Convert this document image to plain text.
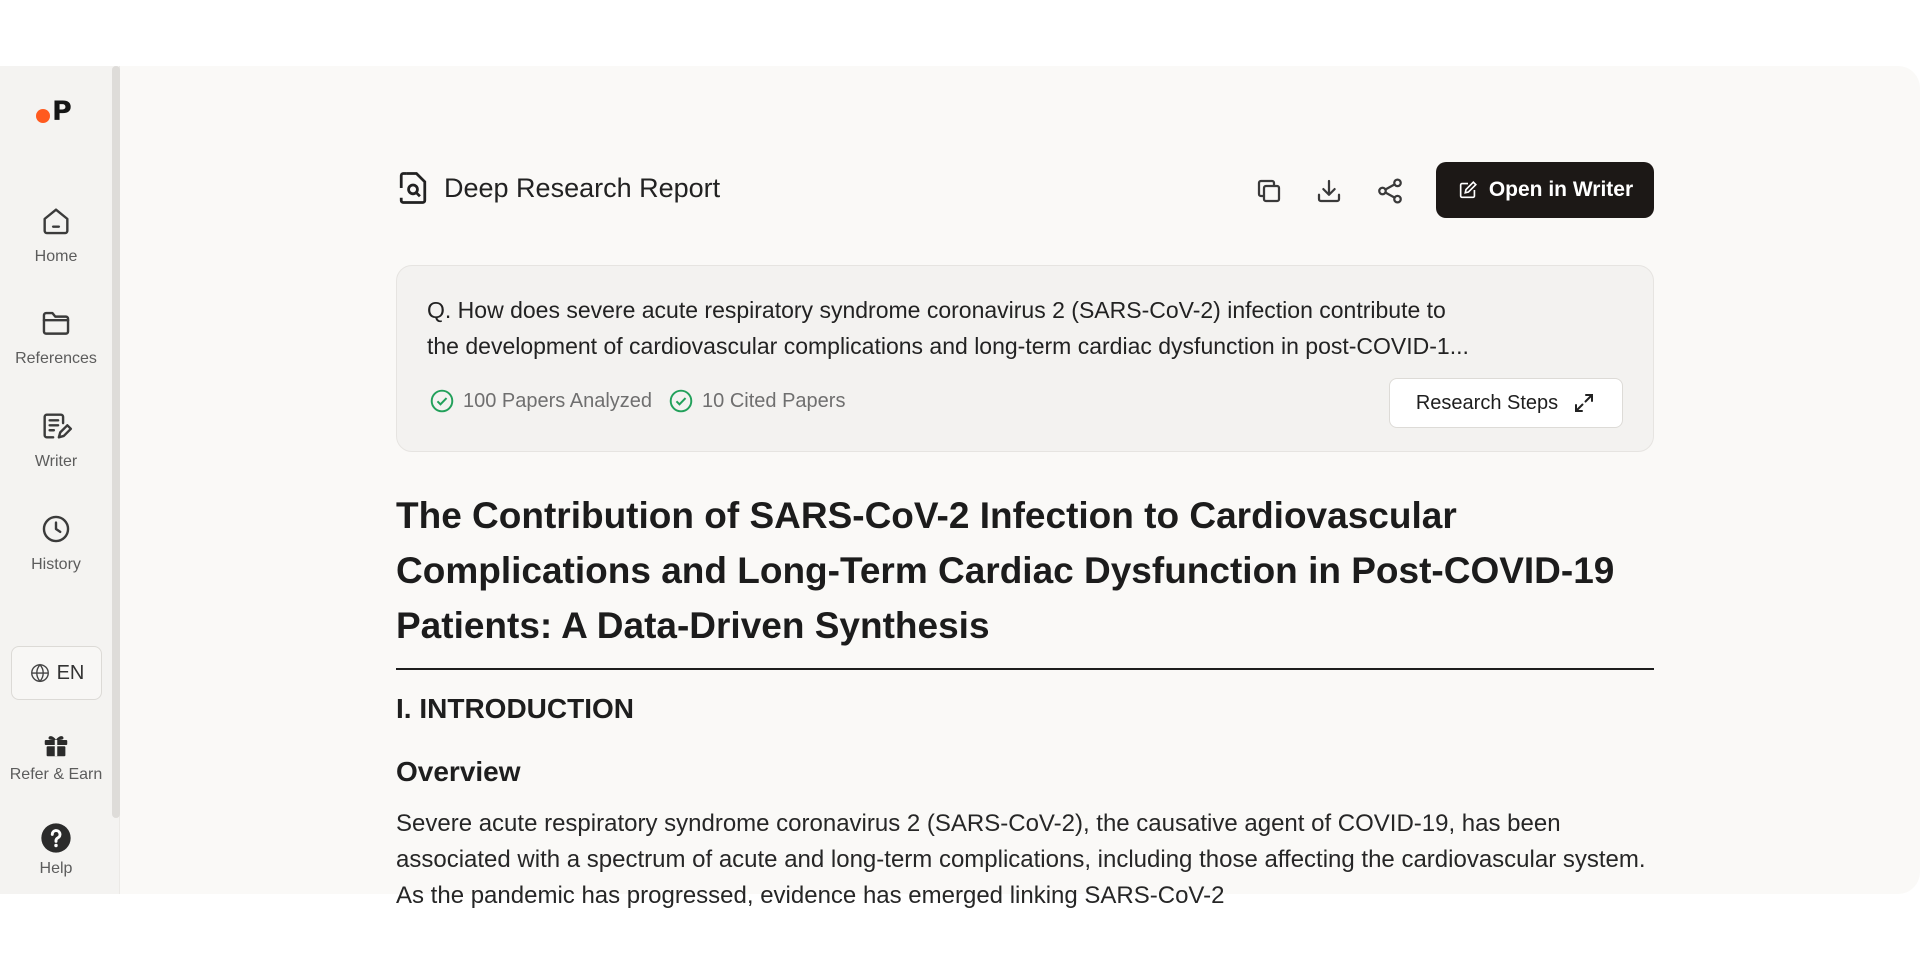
P
Home
References
Writer
History
EN
Refer & Earn
Help
Deep Research Report	Open in Writer

Q. How does severe acute respiratory syndrome coronavirus 2 (SARS-CoV-2) infection contribute to
the development of cardiovascular complications and long-term cardiac dysfunction in post-COVID-1...

100 Papers Analyzed	10 Cited Papers	Research Steps
The Contribution of SARS-CoV-2 Infection to Cardiovascular Complications and Long-Term Cardiac Dysfunction in Post-COVID-19 Patients: A Data-Driven Synthesis
I. INTRODUCTION
Overview

Severe acute respiratory syndrome coronavirus 2 (SARS-CoV-2), the causative agent of COVID-19, has been associated with a spectrum of acute and long-term complications, including those affecting the cardiovascular system. As the pandemic has progressed, evidence has emerged linking SARS-CoV-2
